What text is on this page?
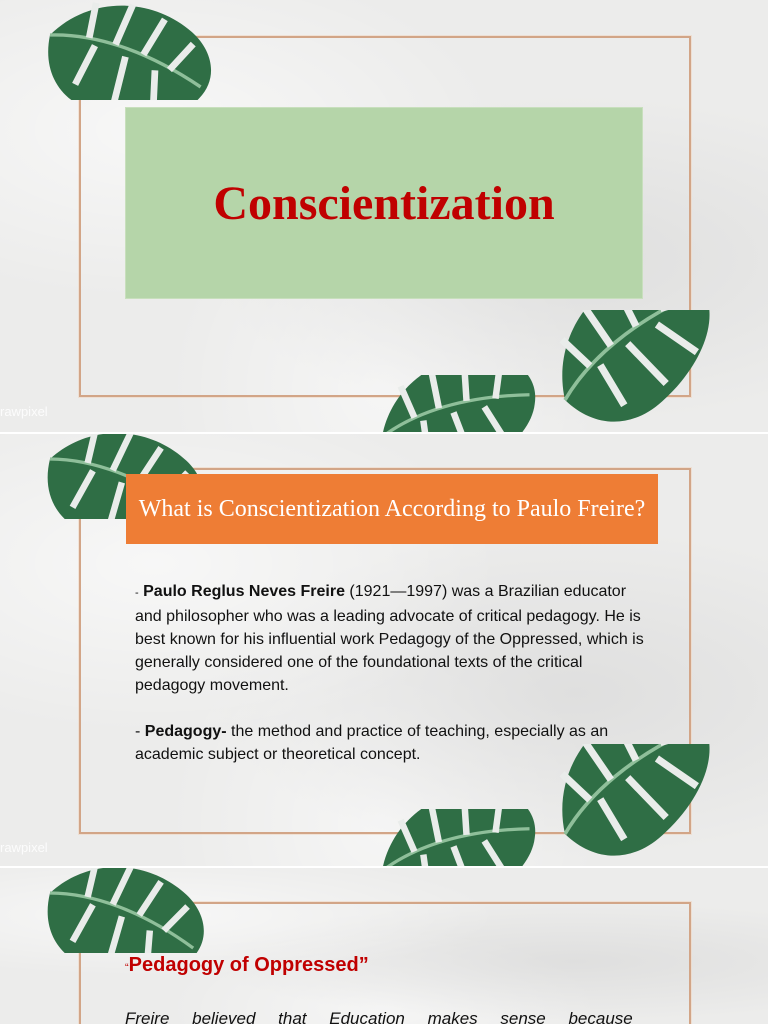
Conscientization
rawpixel
What is Conscientization According to Paulo Freire?

- Paulo Reglus Neves Freire (1921—1997) was a Brazilian educator and philosopher who was a leading advocate of critical pedagogy. He is best known for his influential work Pedagogy of the Oppressed, which is generally considered one of the foundational texts of the critical pedagogy movement.

- Pedagogy- the method and practice of teaching, especially as an academic subject or theoretical concept.

rawpixel
“Pedagogy of Oppressed”
Freire believed that Education makes sense because
